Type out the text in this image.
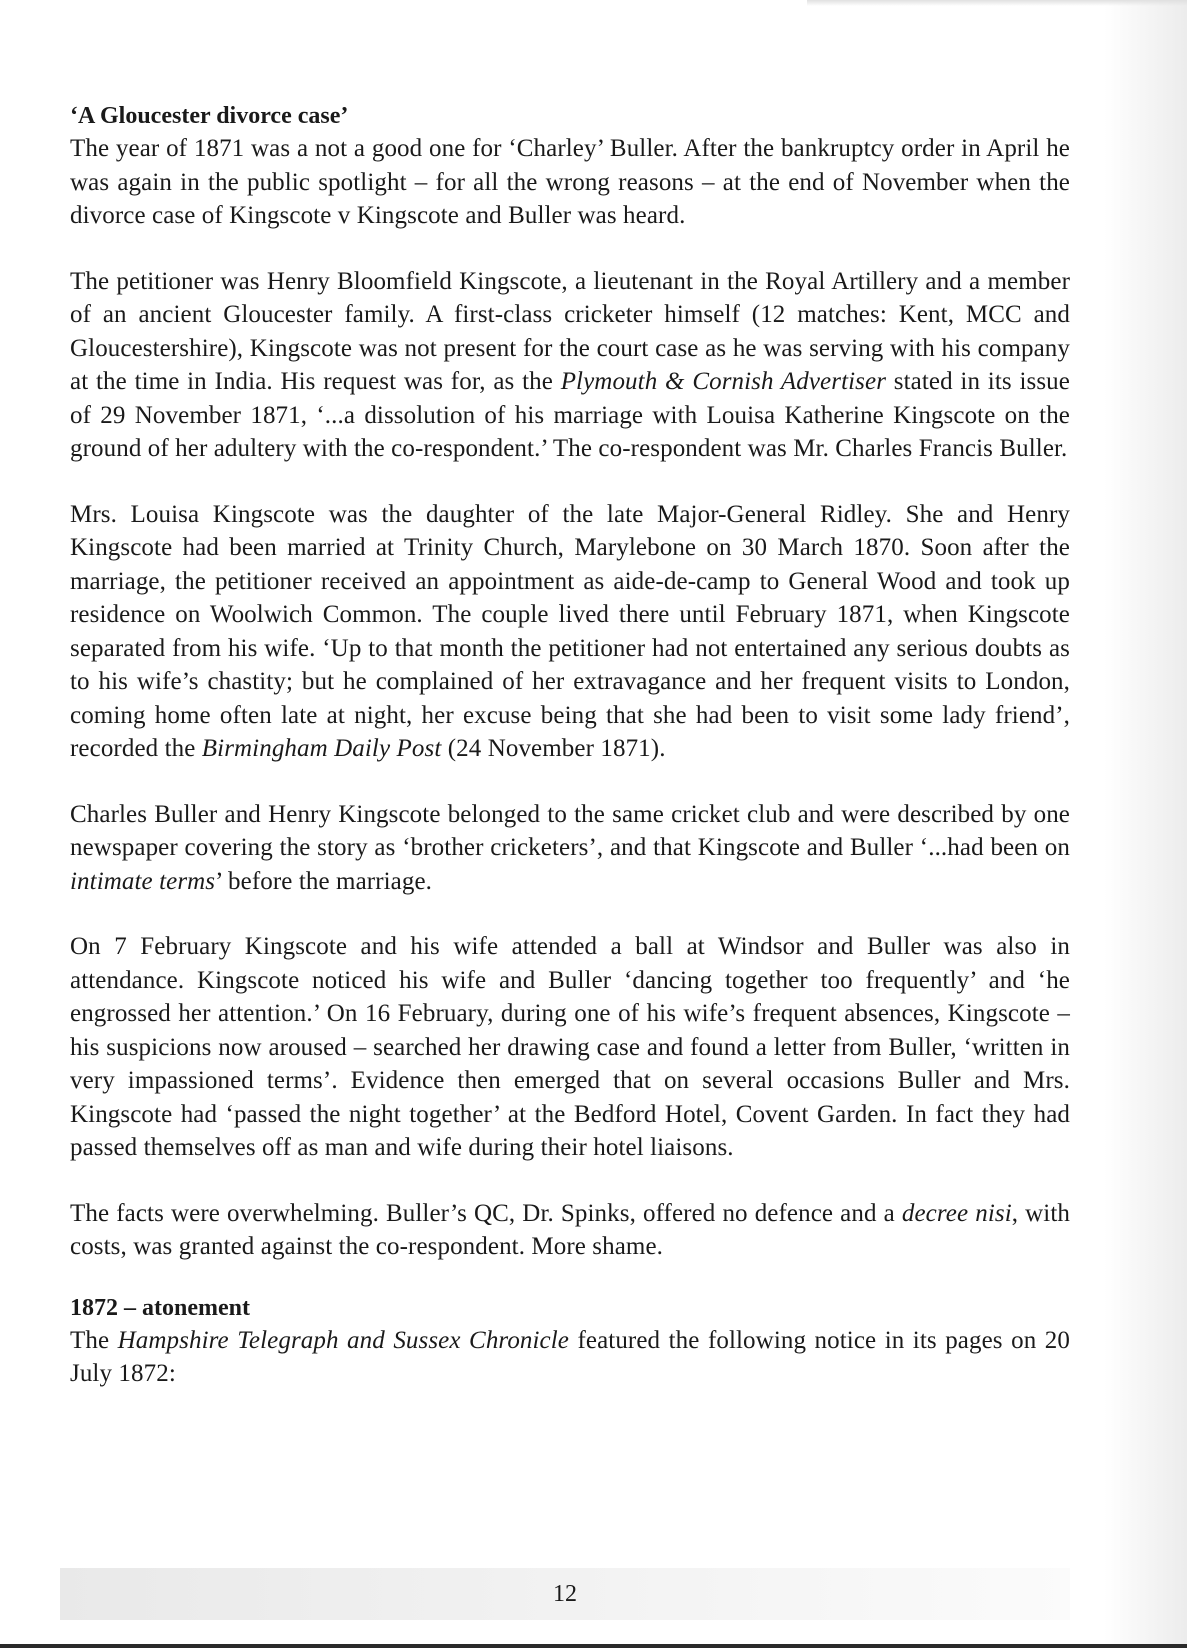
‘A Gloucester divorce case’

The year of 1871 was a not a good one for ‘Charley’ Buller. After the bankruptcy order in April he was again in the public spotlight – for all the wrong reasons – at the end of November when the divorce case of Kingscote v Kingscote and Buller was heard.

The petitioner was Henry Bloomfield Kingscote, a lieutenant in the Royal Artillery and a member of an ancient Gloucester family. A first-class cricketer himself (12 matches: Kent, MCC and Gloucestershire), Kingscote was not present for the court case as he was serving with his company at the time in India. His request was for, as the Plymouth & Cornish Advertiser stated in its issue of 29 November 1871, ‘...a dissolution of his marriage with Louisa Katherine Kingscote on the ground of her adultery with the co-respondent.’ The co-respondent was Mr. Charles Francis Buller.

Mrs. Louisa Kingscote was the daughter of the late Major-General Ridley. She and Henry Kingscote had been married at Trinity Church, Marylebone on 30 March 1870. Soon after the marriage, the petitioner received an appointment as aide-de-camp to General Wood and took up residence on Woolwich Common. The couple lived there until February 1871, when Kingscote separated from his wife. ‘Up to that month the petitioner had not entertained any serious doubts as to his wife’s chastity; but he complained of her extravagance and her frequent visits to London, coming home often late at night, her excuse being that she had been to visit some lady friend’, recorded the Birmingham Daily Post (24 November 1871).

Charles Buller and Henry Kingscote belonged to the same cricket club and were described by one newspaper covering the story as ‘brother cricketers’, and that Kingscote and Buller ‘...had been on intimate terms’ before the marriage.

On 7 February Kingscote and his wife attended a ball at Windsor and Buller was also in attendance. Kingscote noticed his wife and Buller ‘dancing together too frequently’ and ‘he engrossed her attention.’ On 16 February, during one of his wife’s frequent absences, Kingscote – his suspicions now aroused – searched her drawing case and found a letter from Buller, ‘written in very impassioned terms’. Evidence then emerged that on several occasions Buller and Mrs. Kingscote had ‘passed the night together’ at the Bedford Hotel, Covent Garden. In fact they had passed themselves off as man and wife during their hotel liaisons.

The facts were overwhelming. Buller’s QC, Dr. Spinks, offered no defence and a decree nisi, with costs, was granted against the co-respondent. More shame.

1872 – atonement

The Hampshire Telegraph and Sussex Chronicle featured the following notice in its pages on 20 July 1872:

12
